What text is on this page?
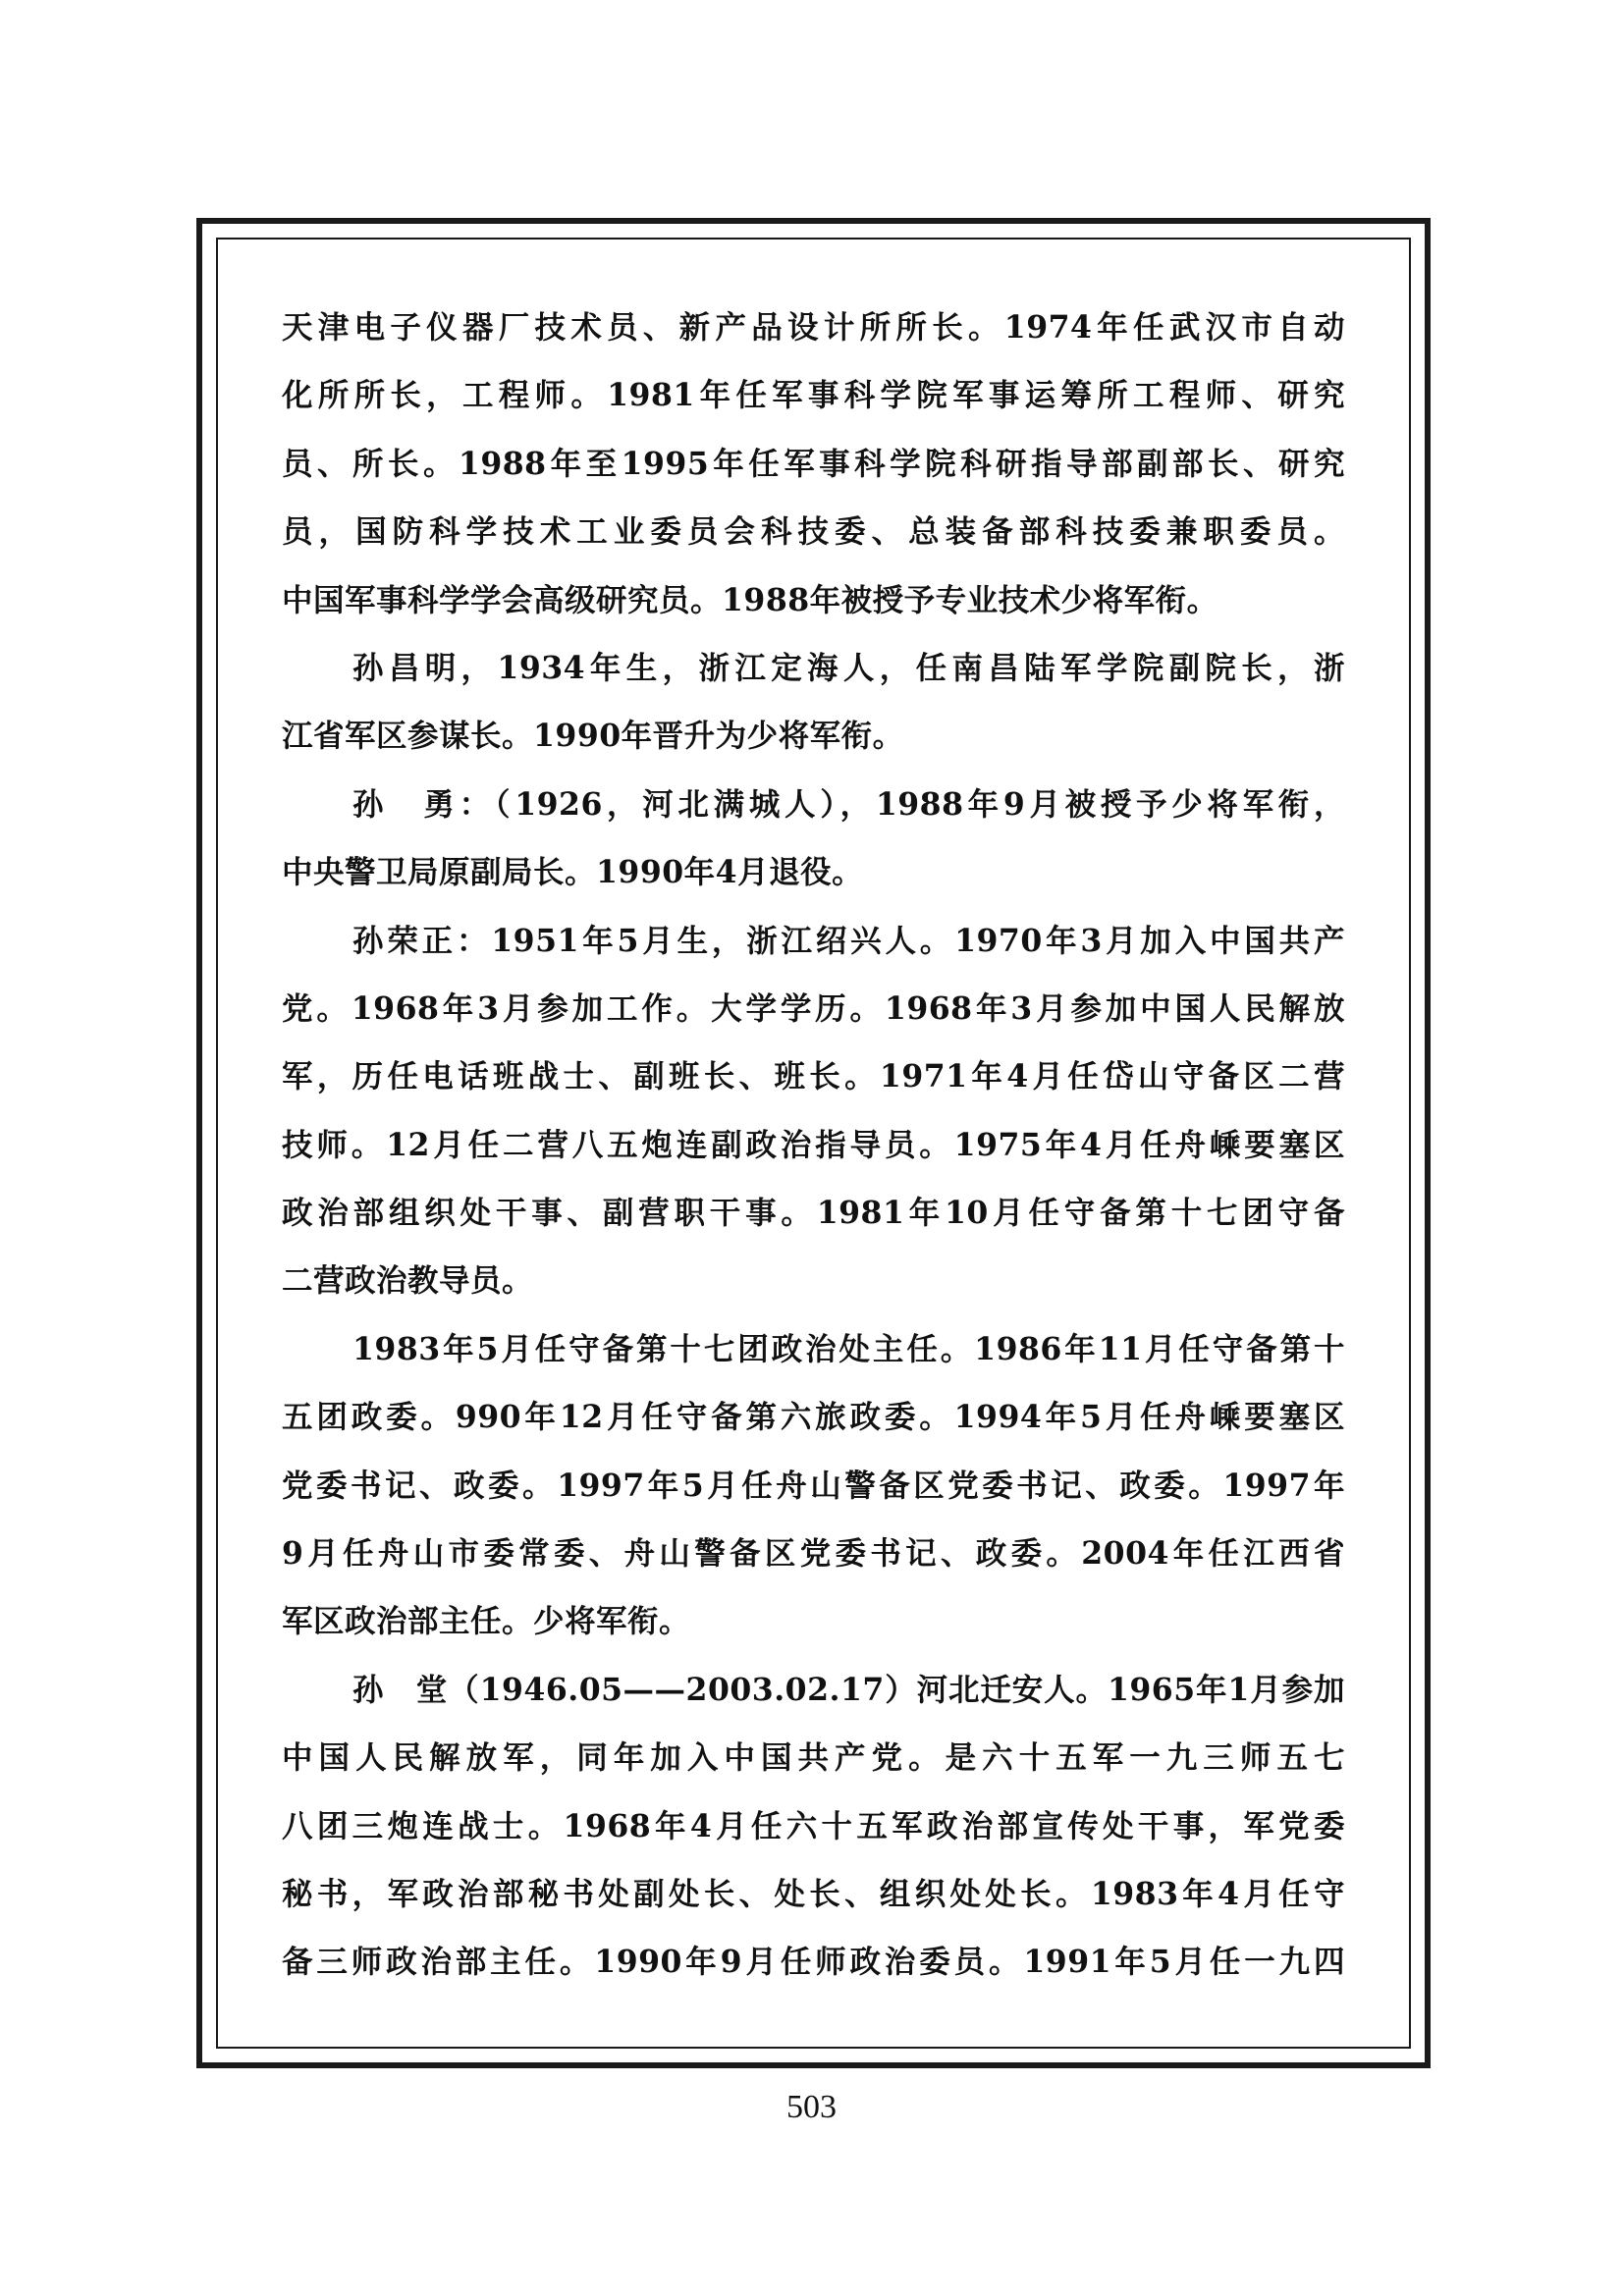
天津电子仪器厂技术员、新产品设计所所长。1974年任武汉市自动
化所所长，工程师。1981年任军事科学院军事运筹所工程师、研究
员、所长。1988年至1995年任军事科学院科研指导部副部长、研究
员，国防科学技术工业委员会科技委、总装备部科技委兼职委员。
中国军事科学学会高级研究员。1988年被授予专业技术少将军衔。
孙昌明，1934年生，浙江定海人，任南昌陆军学院副院长，浙
江省军区参谋长。1990年晋升为少将军衔。
孙　勇：（1926，河北满城人），1988年9月被授予少将军衔，
中央警卫局原副局长。1990年4月退役。
孙荣正：1951年5月生，浙江绍兴人。1970年3月加入中国共产
党。1968年3月参加工作。大学学历。1968年3月参加中国人民解放
军，历任电话班战士、副班长、班长。1971年4月任岱山守备区二营
技师。12月任二营八五炮连副政治指导员。1975年4月任舟嵊要塞区
政治部组织处干事、副营职干事。1981年10月任守备第十七团守备
二营政治教导员。
1983年5月任守备第十七团政治处主任。1986年11月任守备第十
五团政委。990年12月任守备第六旅政委。1994年5月任舟嵊要塞区
党委书记、政委。1997年5月任舟山警备区党委书记、政委。1997年
9月任舟山市委常委、舟山警备区党委书记、政委。2004年任江西省
军区政治部主任。少将军衔。
孙　堂（1946.05——2003.02.17）河北迁安人。1965年1月参加
中国人民解放军，同年加入中国共产党。是六十五军一九三师五七
八团三炮连战士。1968年4月任六十五军政治部宣传处干事，军党委
秘书，军政治部秘书处副处长、处长、组织处处长。1983年4月任守
备三师政治部主任。1990年9月任师政治委员。1991年5月任一九四
503
